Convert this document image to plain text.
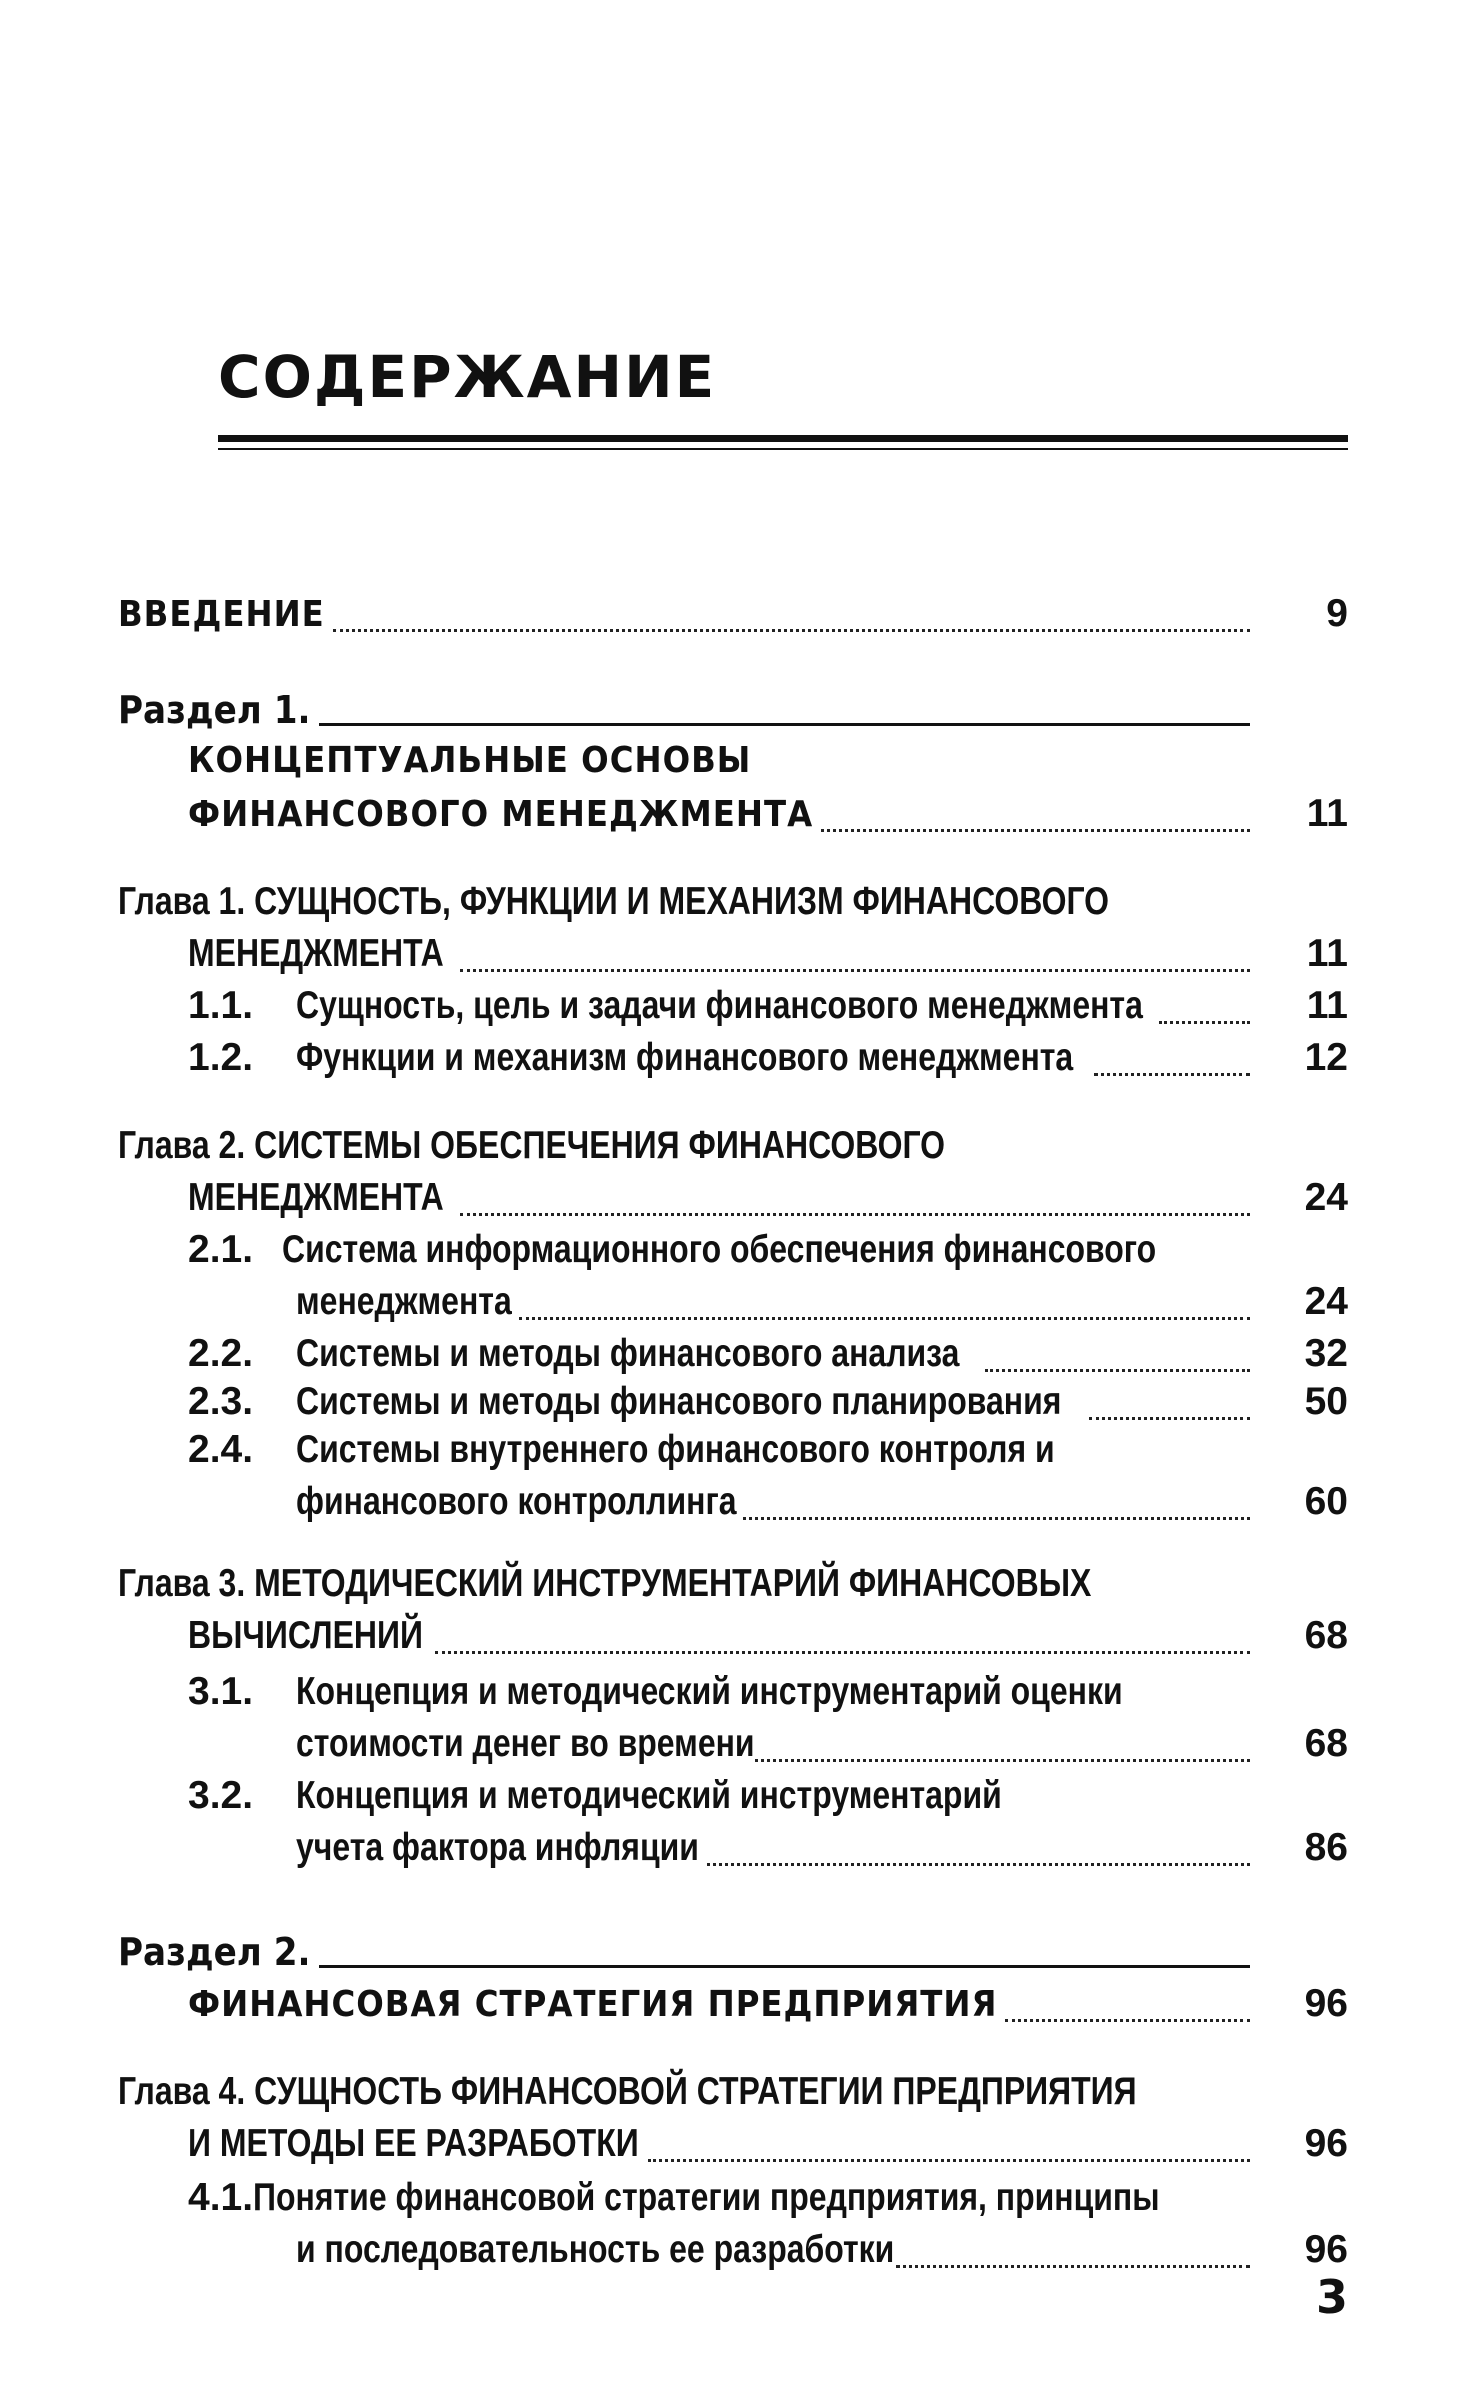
СОДЕРЖАНИЕ
ВВЕДЕНИЕ	9
Раздел 1.
КОНЦЕПТУАЛЬНЫЕ ОСНОВЫ
ФИНАНСОВОГО МЕНЕДЖМЕНТА	11
Глава 1. СУЩНОСТЬ, ФУНКЦИИ И МЕХАНИЗМ ФИНАНСОВОГО
МЕНЕДЖМЕНТА	11
1.1.	Сущность, цель и задачи финансового менеджмента	11
1.2.	Функции и механизм финансового менеджмента	12
Глава 2. СИСТЕМЫ ОБЕСПЕЧЕНИЯ ФИНАНСОВОГО
МЕНЕДЖМЕНТА	24
2.1. Система информационного обеспечения финансового
менеджмента	24
2.2.	Системы и методы финансового анализа	32
2.3.	Системы и методы финансового планирования	50
2.4.	Системы внутреннего финансового контроля и
финансового контроллинга	60
Глава 3. МЕТОДИЧЕСКИЙ ИНСТРУМЕНТАРИЙ ФИНАНСОВЫХ
ВЫЧИСЛЕНИЙ	68
3.1.	Концепция и методический инструментарий оценки
стоимости денег во времени	68
3.2.	Концепция и методический инструментарий
учета фактора инфляции	86
Раздел 2.
ФИНАНСОВАЯ СТРАТЕГИЯ ПРЕДПРИЯТИЯ	96
Глава 4. СУЩНОСТЬ ФИНАНСОВОЙ СТРАТЕГИИ ПРЕДПРИЯТИЯ
И МЕТОДЫ ЕЕ РАЗРАБОТКИ	96
4.1. Понятие финансовой стратегии предприятия, принципы
и последовательность ее разработки	96
3
